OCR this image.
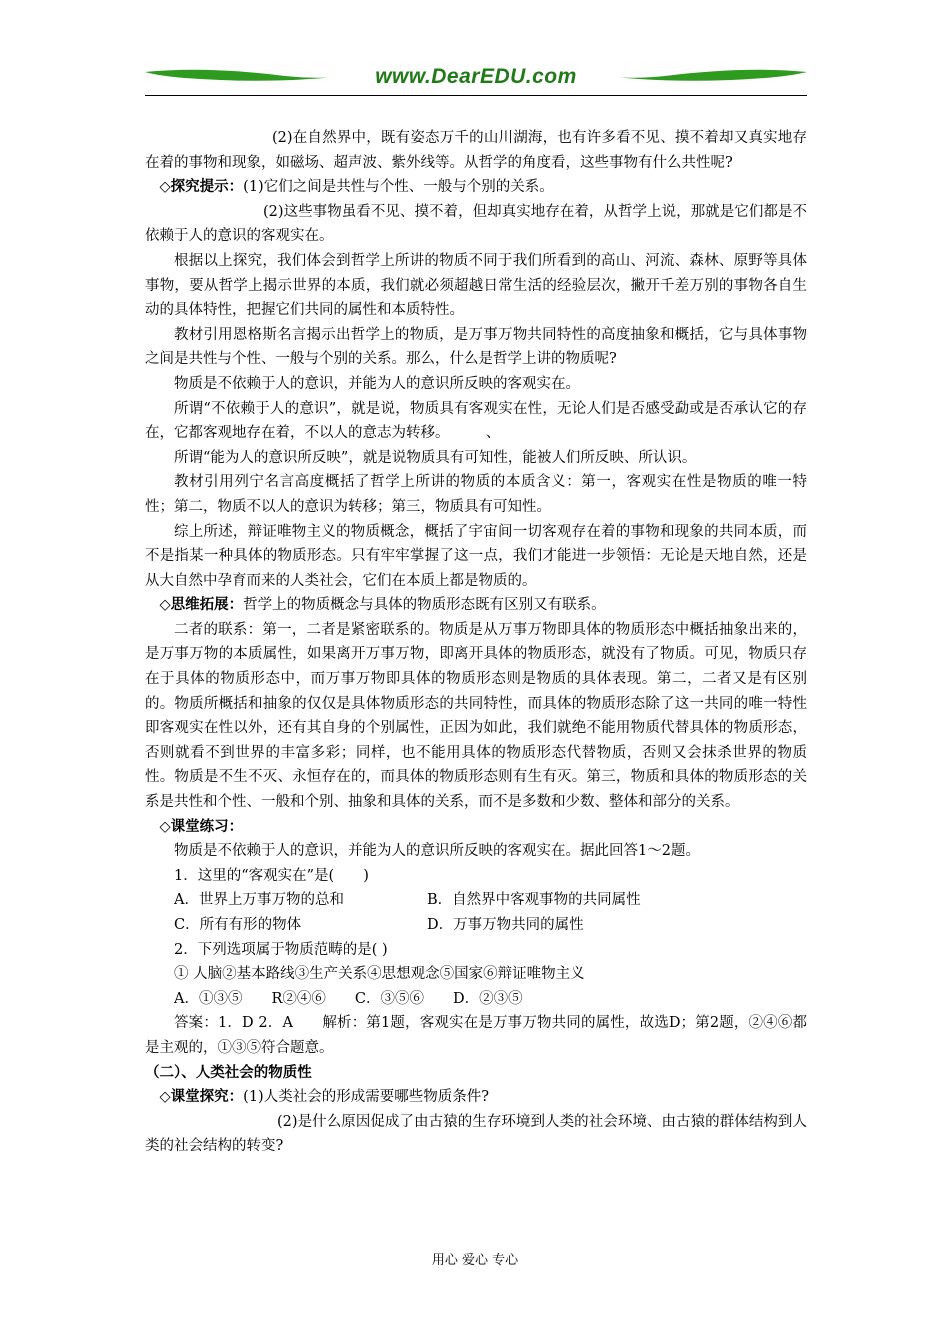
www.DearEDU.com

(2)在自然界中，既有姿态万千的山川湖海，也有许多看不见、摸不着却又真实地存在着的事物和现象，如磁场、超声波、紫外线等。从哲学的角度看，这些事物有什么共性呢?

◇探究提示：(1)它们之间是共性与个性、一般与个别的关系。

(2)这些事物虽看不见、摸不着，但却真实地存在着，从哲学上说，那就是它们都是不依赖于人的意识的客观实在。

根据以上探究，我们体会到哲学上所讲的物质不同于我们所看到的高山、河流、森林、原野等具体事物，要从哲学上揭示世界的本质，我们就必须超越日常生活的经验层次，撇开千差万别的事物各自生动的具体特性，把握它们共同的属性和本质特性。

教材引用恩格斯名言揭示出哲学上的物质，是万事万物共同特性的高度抽象和概括，它与具体事物之间是共性与个性、一般与个别的关系。那么，什么是哲学上讲的物质呢?

物质是不依赖于人的意识，并能为人的意识所反映的客观实在。

所谓“不依赖于人的意识”，就是说，物质具有客观实在性，无论人们是否感受勐或是否承认它的存在，它都客观地存在着，不以人的意志为转移。　　　、

所谓“能为人的意识所反映”，就是说物质具有可知性，能被人们所反映、所认识。

教材引用列宁名言高度概括了哲学上所讲的物质的本质含义：第一，客观实在性是物质的唯一特性；第二，物质不以人的意识为转移；第三，物质具有可知性。

综上所述，辩证唯物主义的物质概念，概括了宇宙间一切客观存在着的事物和现象的共同本质，而不是指某一种具体的物质形态。只有牢牢掌握了这一点，我们才能进一步领悟：无论是天地自然，还是从大自然中孕育而来的人类社会，它们在本质上都是物质的。

◇思维拓展：哲学上的物质概念与具体的物质形态既有区别又有联系。

二者的联系：第一，二者是紧密联系的。物质是从万事万物即具体的物质形态中概括抽象出来的，是万事万物的本质属性，如果离开万事万物，即离开具体的物质形态，就没有了物质。可见，物质只存在于具体的物质形态中，而万事万物即具体的物质形态则是物质的具体表现。第二，二者又是有区别的。物质所概括和抽象的仅仅是具体物质形态的共同特性，而具体的物质形态除了这一共同的唯一特性即客观实在性以外，还有其自身的个别属性，正因为如此，我们就绝不能用物质代替具体的物质形态，否则就看不到世界的丰富多彩；同样，也不能用具体的物质形态代替物质，否则又会抹杀世界的物质性。物质是不生不灭、永恒存在的，而具体的物质形态则有生有灭。第三，物质和具体的物质形态的关系是共性和个性、一般和个别、抽象和具体的关系，而不是多数和少数、整体和部分的关系。

◇课堂练习：

物质是不依赖于人的意识，并能为人的意识所反映的客观实在。据此回答1～2题。

1．这里的“客观实在”是(　　)

A．世界上万事万物的总和	B．自然界中客观事物的共同属性
C．所有有形的物体	D．万事万物共同的属性

2．下列选项属于物质范畴的是( )

① 人脑②基本路线③生产关系④思想观念⑤国家⑥辩证唯物主义

A．①③⑤　　R②④⑥　　C．③⑤⑥　　D．②③⑤

答案：1．D 2．A　　解析：第1题，客观实在是万事万物共同的属性，故选D；第2题，②④⑥都是主观的，①③⑤符合题意。

（二）、人类社会的物质性

◇课堂探究：(1)人类社会的形成需要哪些物质条件?

(2)是什么原因促成了由古猿的生存环境到人类的社会环境、由古猿的群体结构到人类的社会结构的转变?

用心 爱心 专心
